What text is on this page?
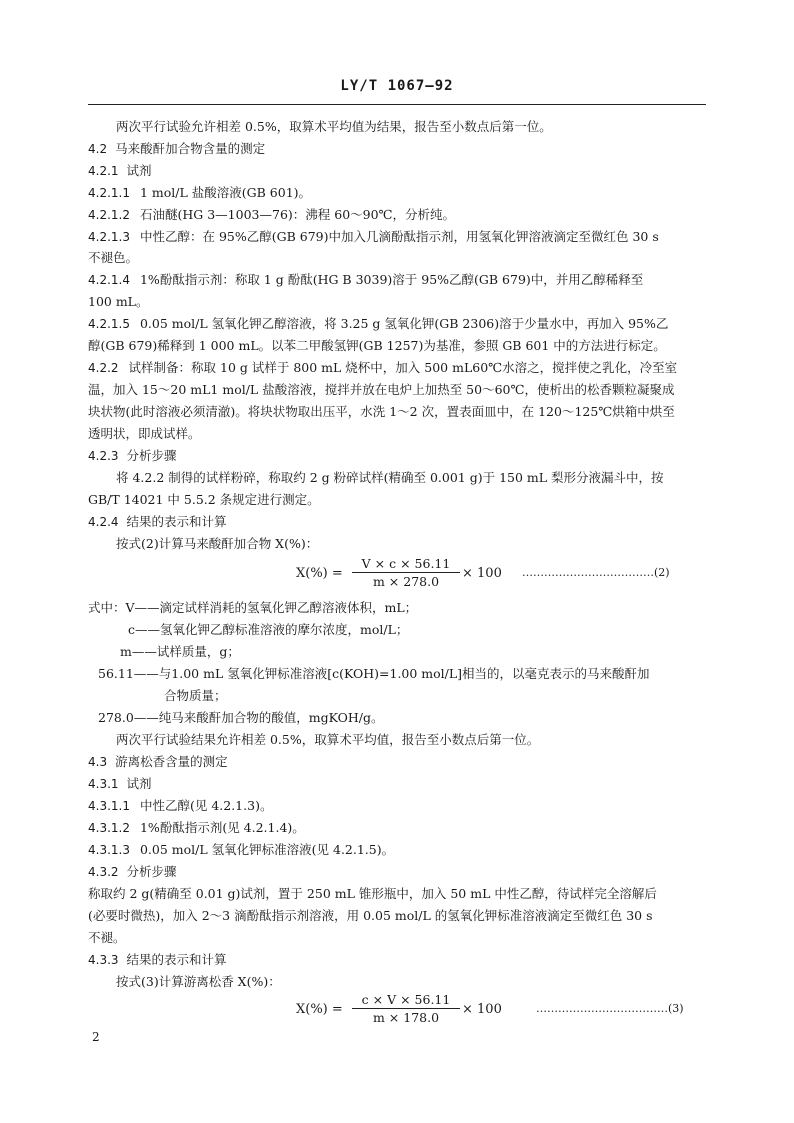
LY/T 1067—92
两次平行试验允许相差 0.5%，取算术平均值为结果，报告至小数点后第一位。
4.2 马来酸酐加合物含量的测定
4.2.1 试剂
4.2.1.1 1 mol/L 盐酸溶液(GB 601)。
4.2.1.2 石油醚(HG 3—1003—76)：沸程 60～90℃，分析纯。
4.2.1.3 中性乙醇：在 95%乙醇(GB 679)中加入几滴酚酞指示剂，用氢氧化钾溶液滴定至微红色 30 s
不褪色。
4.2.1.4 1%酚酞指示剂：称取 1 g 酚酞(HG B 3039)溶于 95%乙醇(GB 679)中，并用乙醇稀释至
100 mL。
4.2.1.5 0.05 mol/L 氢氧化钾乙醇溶液，将 3.25 g 氢氧化钾(GB 2306)溶于少量水中，再加入 95%乙
醇(GB 679)稀释到 1 000 mL。以苯二甲酸氢钾(GB 1257)为基准，参照 GB 601 中的方法进行标定。
4.2.2 试样制备：称取 10 g 试样于 800 mL 烧杯中，加入 500 mL60℃水溶之，搅拌使之乳化，冷至室
温，加入 15～20 mL1 mol/L 盐酸溶液，搅拌并放在电炉上加热至 50～60℃，使析出的松香颗粒凝聚成
块状物(此时溶液必须清澈)。将块状物取出压平，水洗 1～2 次，置表面皿中，在 120～125℃烘箱中烘至
透明状，即成试样。
4.2.3 分析步骤
将 4.2.2 制得的试样粉碎，称取约 2 g 粉碎试样(精确至 0.001 g)于 150 mL 梨形分液漏斗中，按
GB/T 14021 中 5.5.2 条规定进行测定。
4.2.4 结果的表示和计算
按式(2)计算马来酸酐加合物 X(%)：
$X(\%) = \frac{V \times c \times 56.11}{m \times 278.0} \times 100$ ………………………………(2)
式中：V——滴定试样消耗的氢氧化钾乙醇溶液体积，mL；
c——氢氧化钾乙醇标准溶液的摩尔浓度，mol/L；
m——试样质量，g；
56.11——与1.00 mL 氢氧化钾标准溶液[c(KOH)=1.00 mol/L]相当的，以毫克表示的马来酸酐加
合物质量；
278.0——纯马来酸酐加合物的酸值，mgKOH/g。
两次平行试验结果允许相差 0.5%，取算术平均值，报告至小数点后第一位。
4.3 游离松香含量的测定
4.3.1 试剂
4.3.1.1 中性乙醇(见 4.2.1.3)。
4.3.1.2 1%酚酞指示剂(见 4.2.1.4)。
4.3.1.3 0.05 mol/L 氢氧化钾标准溶液(见 4.2.1.5)。
4.3.2 分析步骤
称取约 2 g(精确至 0.01 g)试剂，置于 250 mL 锥形瓶中，加入 50 mL 中性乙醇，待试样完全溶解后
(必要时微热)，加入 2～3 滴酚酞指示剂溶液，用 0.05 mol/L 的氢氧化钾标准溶液滴定至微红色 30 s
不褪。
4.3.3 结果的表示和计算
按式(3)计算游离松香 X(%)：
$X(\%) = \frac{c \times V \times 56.11}{m \times 178.0} \times 100$	………………………………(3)
2
